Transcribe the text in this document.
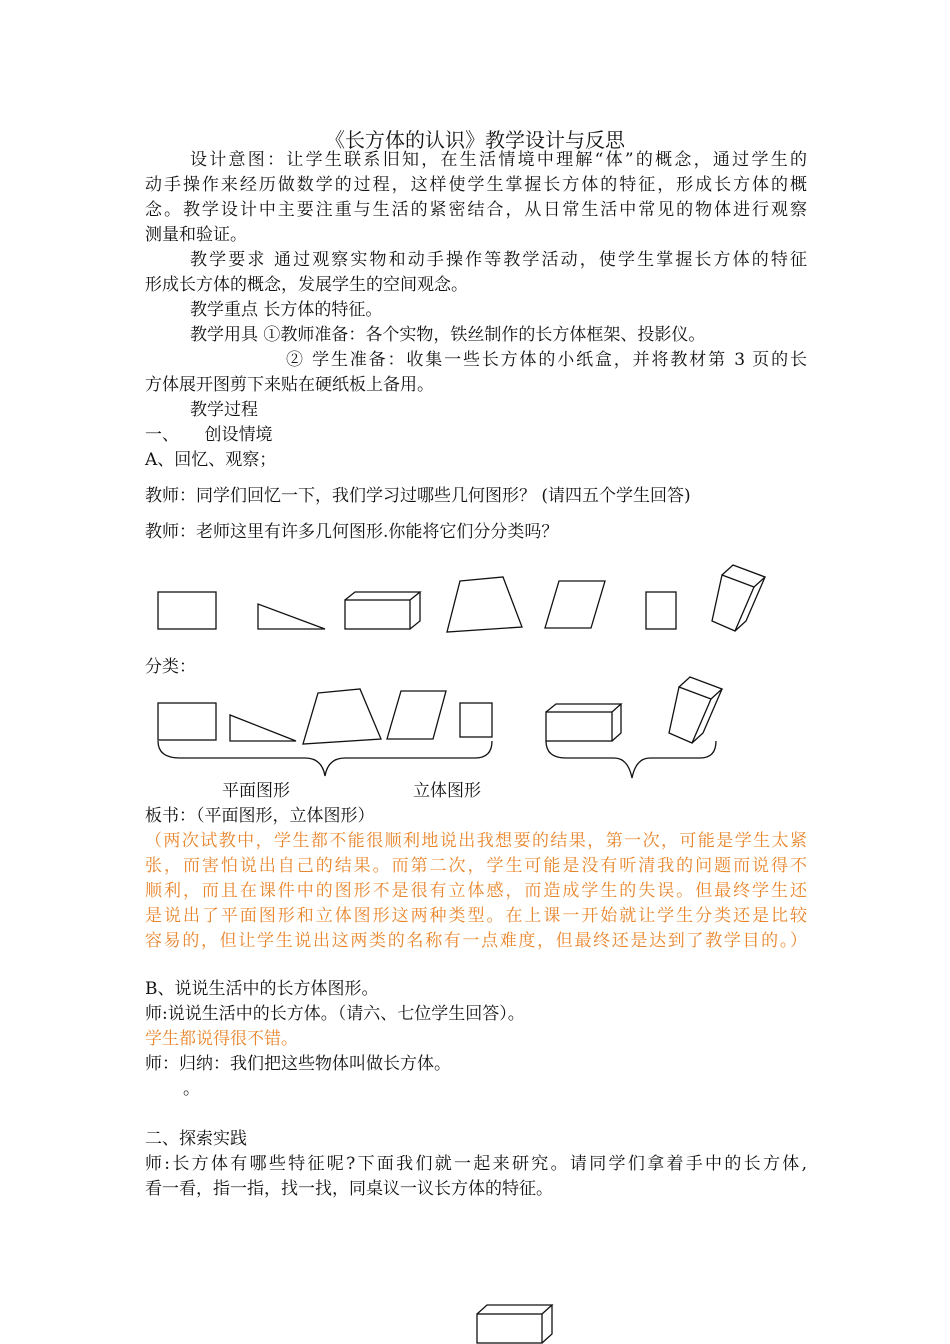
《长方体的认识》教学设计与反思
设计意图：让学生联系旧知，在生活情境中理解“体”的概念，通过学生的
动手操作来经历做数学的过程，这样使学生掌握长方体的特征，形成长方体的概
念。教学设计中主要注重与生活的紧密结合，从日常生活中常见的物体进行观察
测量和验证。
教学要求 通过观察实物和动手操作等教学活动，使学生掌握长方体的特征
形成长方体的概念，发展学生的空间观念。
教学重点 长方体的特征。
教学用具 ①教师准备：各个实物，铁丝制作的长方体框架、投影仪。
② 学生准备：收集一些长方体的小纸盒，并将教材第 3 页的长
方体展开图剪下来贴在硬纸板上备用。
教学过程
一、　　创设情境
A、回忆、观察；
教师：同学们回忆一下，我们学习过哪些几何图形？ (请四五个学生回答)
教师：老师这里有许多几何图形.你能将它们分分类吗？
分类：
平面图形	立体图形
板书：（平面图形，立体图形）
（两次试教中，学生都不能很顺利地说出我想要的结果，第一次，可能是学生太紧
张，而害怕说出自己的结果。而第二次，学生可能是没有听清我的问题而说得不
顺利，而且在课件中的图形不是很有立体感，而造成学生的失误。但最终学生还
是说出了平面图形和立体图形这两种类型。在上课一开始就让学生分类还是比较
容易的，但让学生说出这两类的名称有一点难度，但最终还是达到了教学目的。）
B、说说生活中的长方体图形。
师:说说生活中的长方体。（请六、七位学生回答）。
学生都说得很不错。
师：归纳：我们把这些物体叫做长方体。
。
二、探索实践
师:长方体有哪些特征呢?下面我们就一起来研究。请同学们拿着手中的长方体,
看一看，指一指，找一找，同桌议一议长方体的特征。
